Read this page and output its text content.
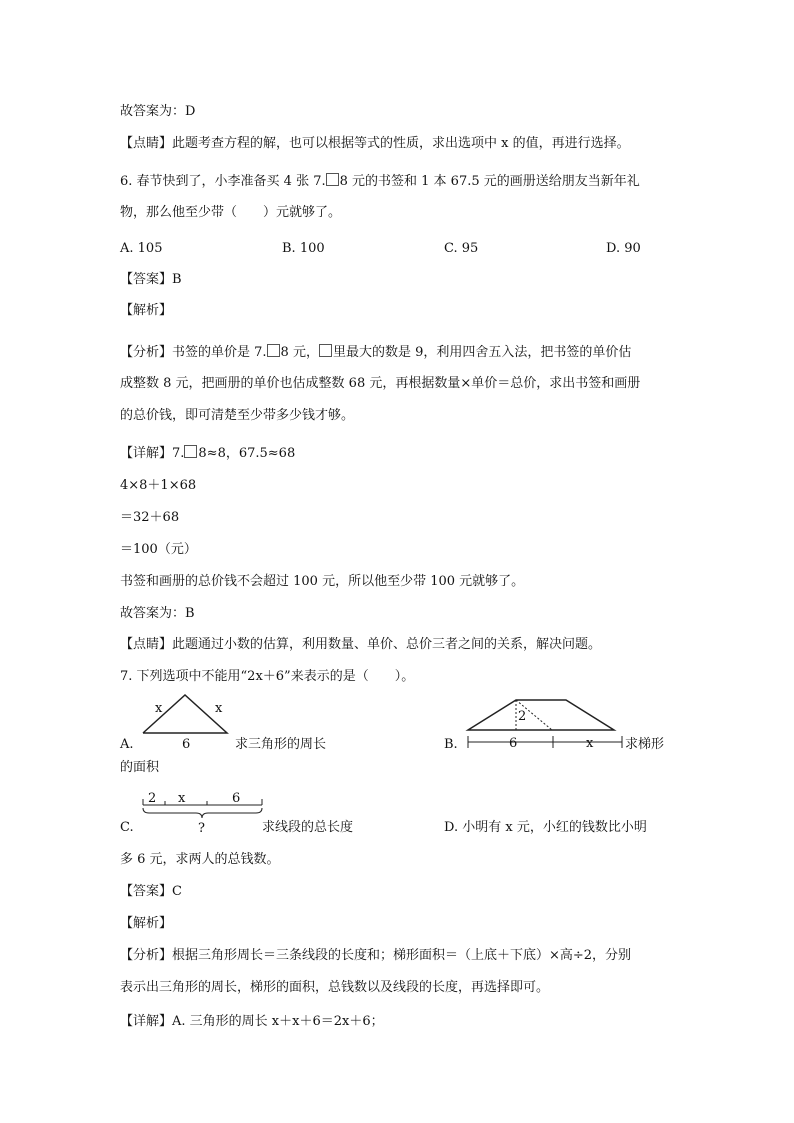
故答案为：D
【点睛】此题考查方程的解，也可以根据等式的性质，求出选项中 x 的值，再进行选择。
6. 春节快到了，小李准备买 4 张 7. 8 元的书签和 1 本 67.5 元的画册送给朋友当新年礼
物，那么他至少带（　　）元就够了。
A. 105	B. 100	C. 95	D. 90
【答案】B
【解析】
【分析】书签的单价是 7. 8 元， 里最大的数是 9，利用四舍五入法，把书签的单价估
成整数 8 元，把画册的单价也估成整数 68 元，再根据数量×单价＝总价，求出书签和画册
的总价钱，即可清楚至少带多少钱才够。
【详解】7. 8≈8，67.5≈68
4×8＋1×68
＝32＋68
＝100（元）
书签和画册的总价钱不会超过 100 元，所以他至少带 100 元就够了。
故答案为：B
【点睛】此题通过小数的估算，利用数量、单价、总价三者之间的关系，解决问题。
7. 下列选项中不能用“2x＋6”来表示的是（　　）。
A.
x	x
6	求三角形的周长	B.
2
6	x 求梯形
的面积
C.
2 x	6
?	求线段的总长度	D. 小明有 x 元，小红的钱数比小明
多 6 元，求两人的总钱数。
【答案】C
【解析】
【分析】根据三角形周长＝三条线段的长度和；梯形面积＝（上底＋下底）×高÷2，分别
表示出三角形的周长，梯形的面积，总钱数以及线段的长度，再选择即可。
【详解】A. 三角形的周长 x＋x＋6＝2x＋6；
